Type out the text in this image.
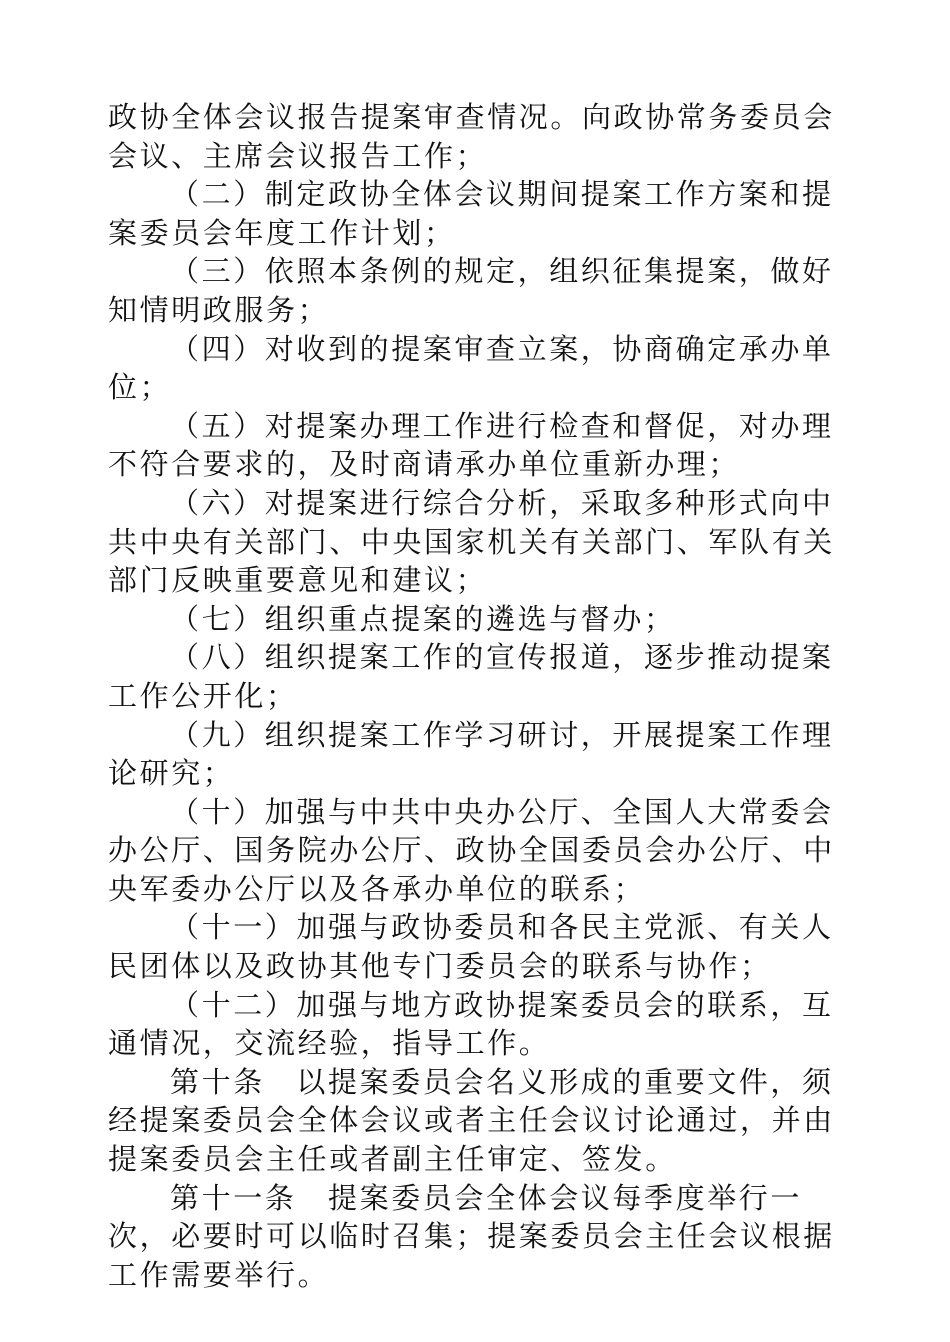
政协全体会议报告提案审查情况。向政协常务委员会会议、主席会议报告工作；

（二）制定政协全体会议期间提案工作方案和提案委员会年度工作计划；

（三）依照本条例的规定，组织征集提案，做好知情明政服务；

（四）对收到的提案审查立案，协商确定承办单位；

（五）对提案办理工作进行检查和督促，对办理不符合要求的，及时商请承办单位重新办理；

（六）对提案进行综合分析，采取多种形式向中共中央有关部门、中央国家机关有关部门、军队有关部门反映重要意见和建议；

（七）组织重点提案的遴选与督办；

（八）组织提案工作的宣传报道，逐步推动提案工作公开化；

（九）组织提案工作学习研讨，开展提案工作理论研究；

（十）加强与中共中央办公厅、全国人大常委会办公厅、国务院办公厅、政协全国委员会办公厅、中央军委办公厅以及各承办单位的联系；

（十一）加强与政协委员和各民主党派、有关人民团体以及政协其他专门委员会的联系与协作；

（十二）加强与地方政协提案委员会的联系，互通情况，交流经验，指导工作。

第十条　以提案委员会名义形成的重要文件，须经提案委员会全体会议或者主任会议讨论通过，并由提案委员会主任或者副主任审定、签发。

第十一条　提案委员会全体会议每季度举行一次，必要时可以临时召集；提案委员会主任会议根据工作需要举行。
